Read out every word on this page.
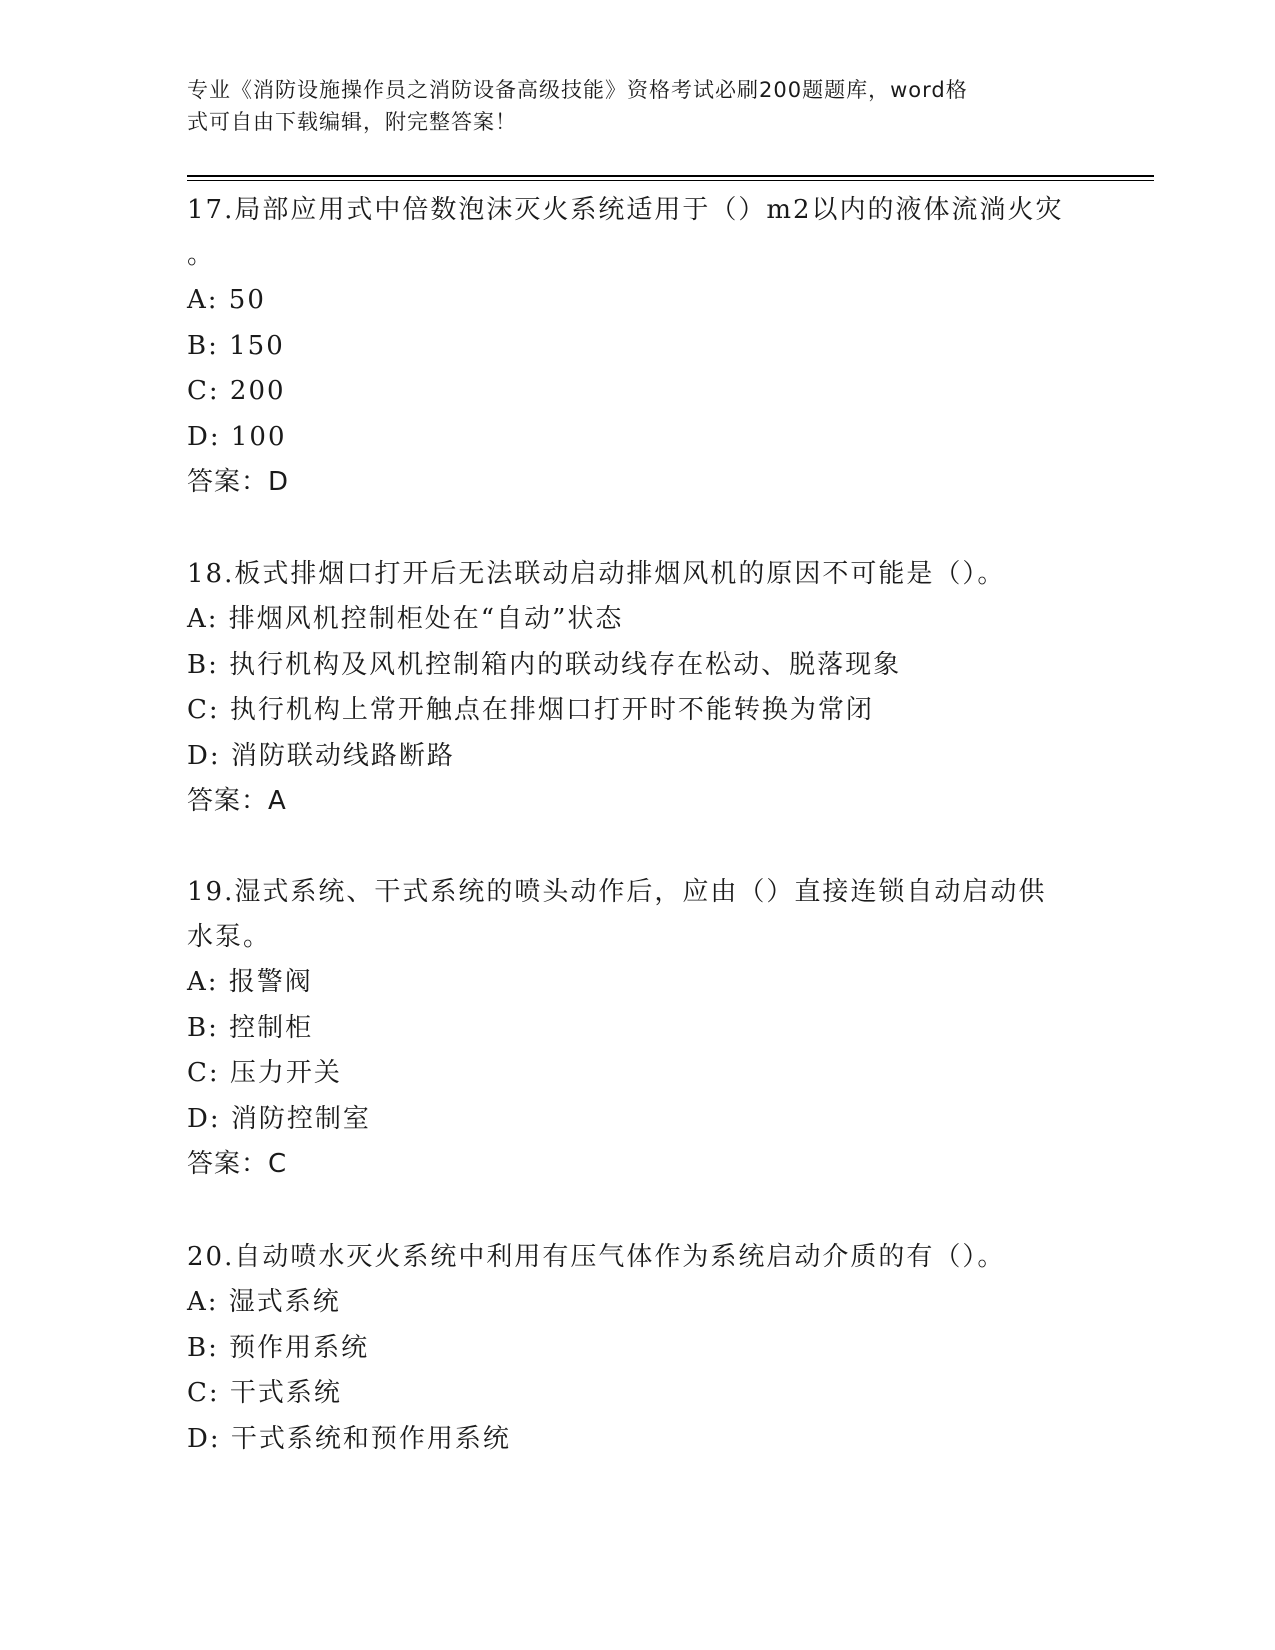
专业《消防设施操作员之消防设备高级技能》资格考试必刷200题题库，word格
式可自由下载编辑，附完整答案！

17.局部应用式中倍数泡沫灭火系统适用于（）m2以内的液体流淌火灾

。

A: 50

B: 150

C: 200

D: 100

答案：D

18.板式排烟口打开后无法联动启动排烟风机的原因不可能是（）。

A: 排烟风机控制柜处在“自动”状态

B: 执行机构及风机控制箱内的联动线存在松动、脱落现象

C: 执行机构上常开触点在排烟口打开时不能转换为常闭

D: 消防联动线路断路

答案：A

19.湿式系统、干式系统的喷头动作后，应由（）直接连锁自动启动供

水泵。

A: 报警阀

B: 控制柜

C: 压力开关

D: 消防控制室

答案：C

20.自动喷水灭火系统中利用有压气体作为系统启动介质的有（）。

A: 湿式系统

B: 预作用系统

C: 干式系统

D: 干式系统和预作用系统
